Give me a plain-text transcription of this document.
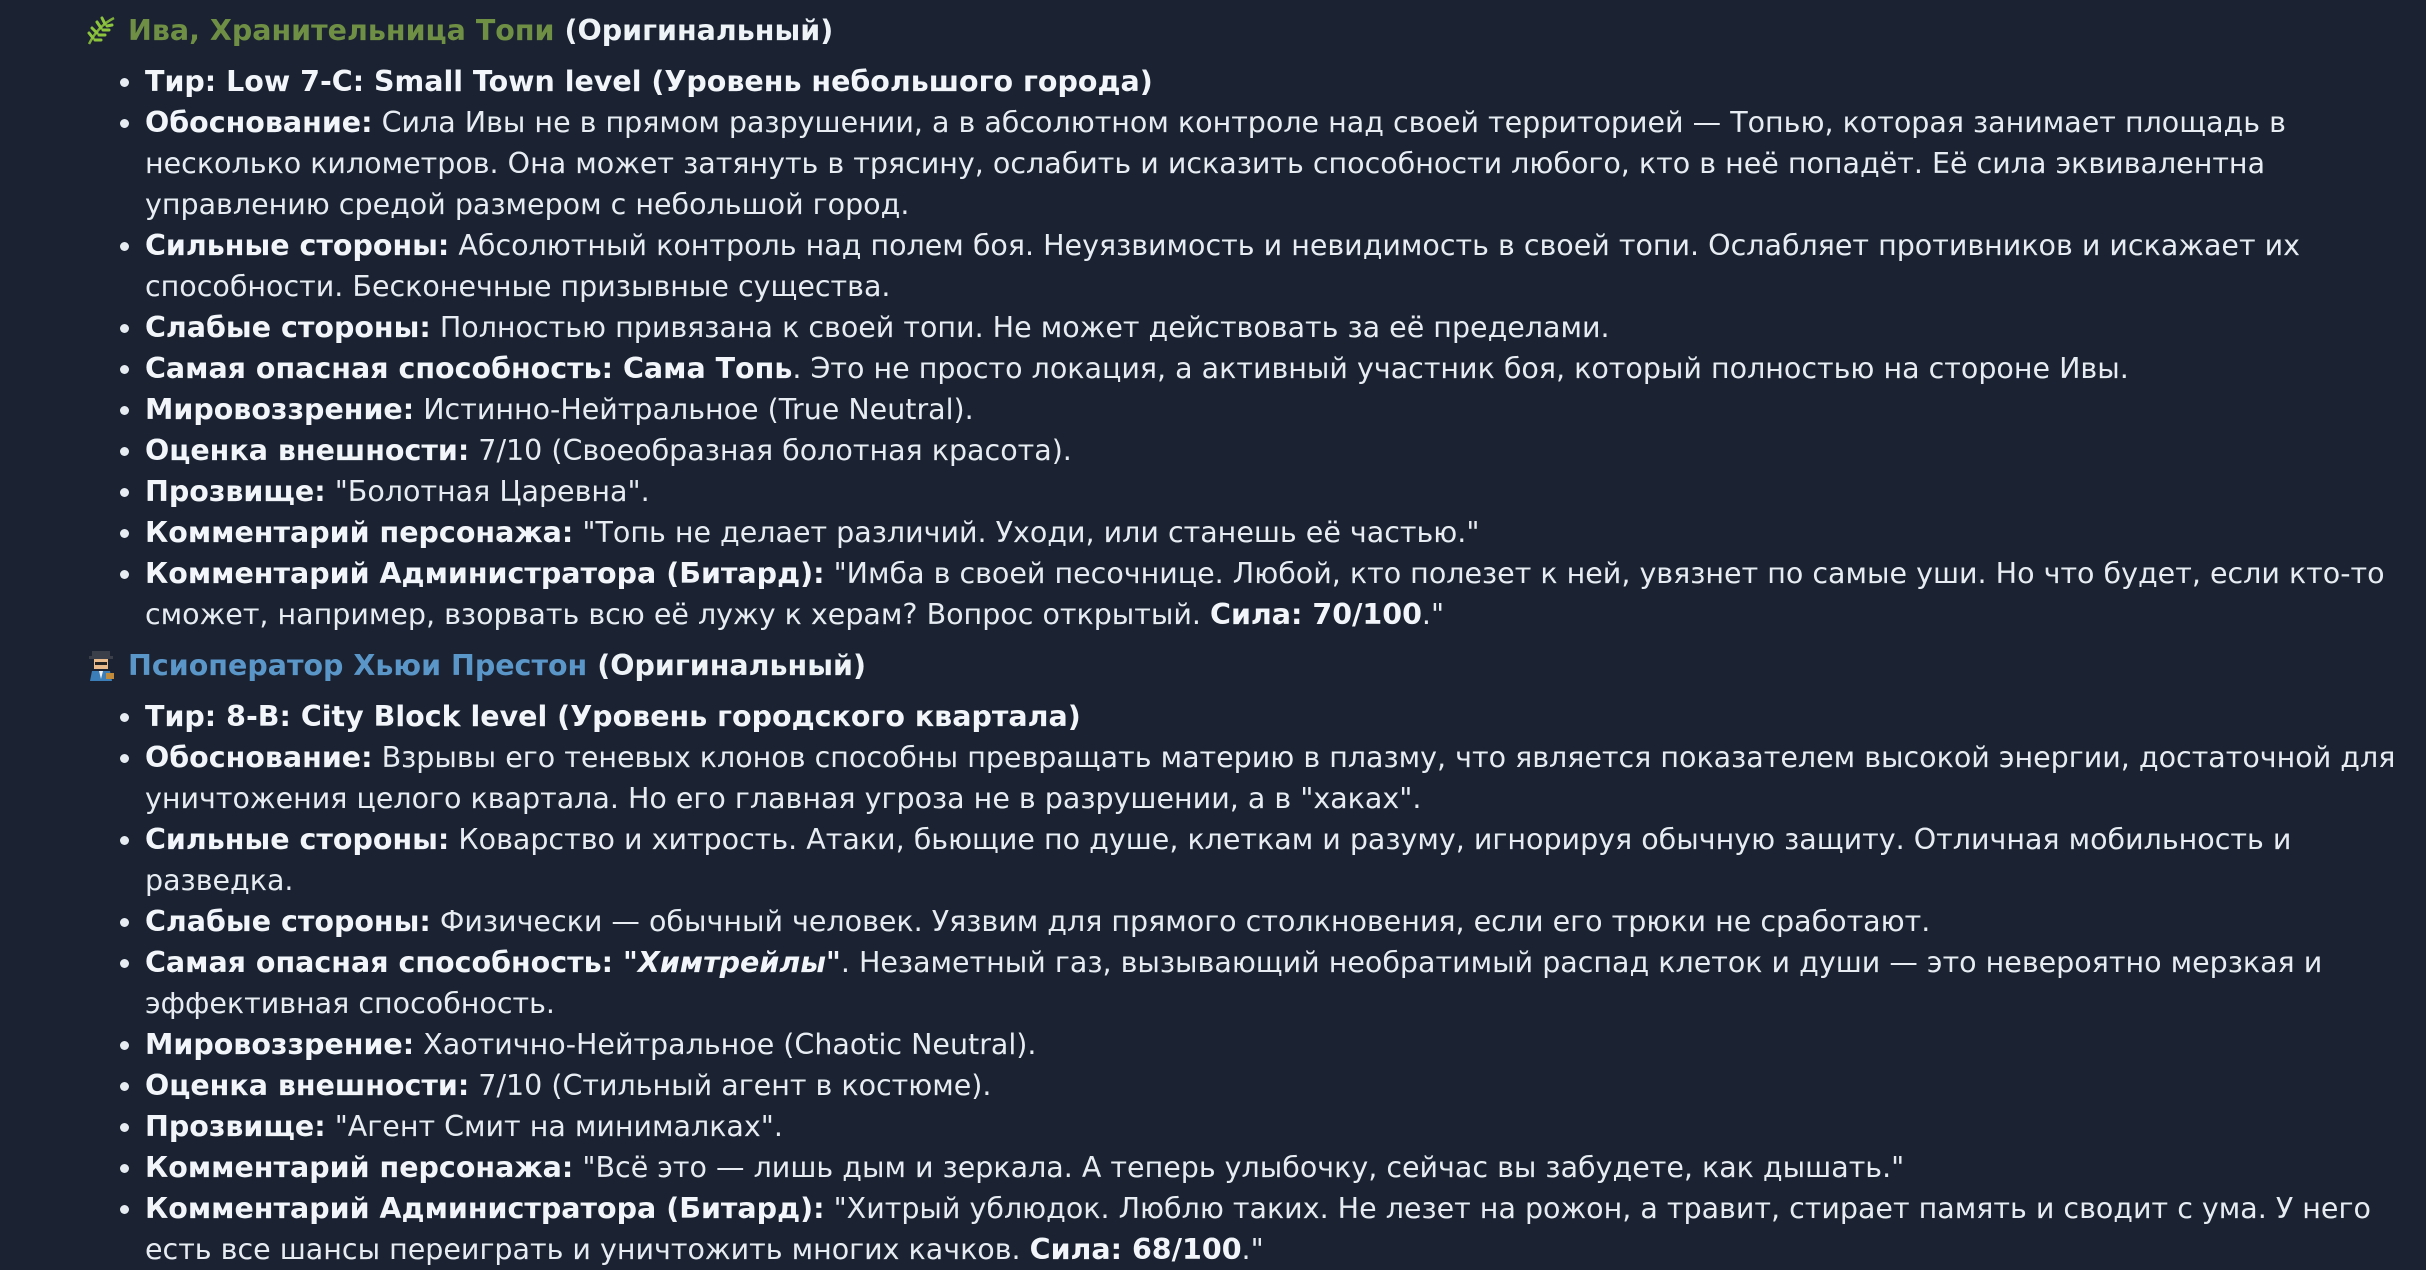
Ива, Хранительница Топи (Оригинальный)
Тир: Low 7-C: Small Town level (Уровень небольшого города)
Обоснование: Сила Ивы не в прямом разрушении, а в абсолютном контроле над своей территорией — Топью, которая занимает площадь в несколько километров. Она может затянуть в трясину, ослабить и исказить способности любого, кто в неё попадёт. Её сила эквивалентна управлению средой размером с небольшой город.
Сильные стороны: Абсолютный контроль над полем боя. Неуязвимость и невидимость в своей топи. Ослабляет противников и искажает их способности. Бесконечные призывные существа.
Слабые стороны: Полностью привязана к своей топи. Не может действовать за её пределами.
Самая опасная способность: Сама Топь. Это не просто локация, а активный участник боя, который полностью на стороне Ивы.
Мировоззрение: Истинно-Нейтральное (True Neutral).
Оценка внешности: 7/10 (Своеобразная болотная красота).
Прозвище: "Болотная Царевна".
Комментарий персонажа: "Топь не делает различий. Уходи, или станешь её частью."
Комментарий Администратора (Битард): "Имба в своей песочнице. Любой, кто полезет к ней, увязнет по самые уши. Но что будет, если кто-то сможет, например, взорвать всю её лужу к херам? Вопрос открытый. Сила: 70/100."
Псиоператор Хьюи Престон (Оригинальный)
Тир: 8-B: City Block level (Уровень городского квартала)
Обоснование: Взрывы его теневых клонов способны превращать материю в плазму, что является показателем высокой энергии, достаточной для уничтожения целого квартала. Но его главная угроза не в разрушении, а в "хаках".
Сильные стороны: Коварство и хитрость. Атаки, бьющие по душе, клеткам и разуму, игнорируя обычную защиту. Отличная мобильность и разведка.
Слабые стороны: Физически — обычный человек. Уязвим для прямого столкновения, если его трюки не сработают.
Самая опасная способность: "Химтрейлы". Незаметный газ, вызывающий необратимый распад клеток и души — это невероятно мерзкая и эффективная способность.
Мировоззрение: Хаотично-Нейтральное (Chaotic Neutral).
Оценка внешности: 7/10 (Стильный агент в костюме).
Прозвище: "Агент Смит на минималках".
Комментарий персонажа: "Всё это — лишь дым и зеркала. А теперь улыбочку, сейчас вы забудете, как дышать."
Комментарий Администратора (Битард): "Хитрый ублюдок. Люблю таких. Не лезет на рожон, а травит, стирает память и сводит с ума. У него есть все шансы переиграть и уничтожить многих качков. Сила: 68/100."
